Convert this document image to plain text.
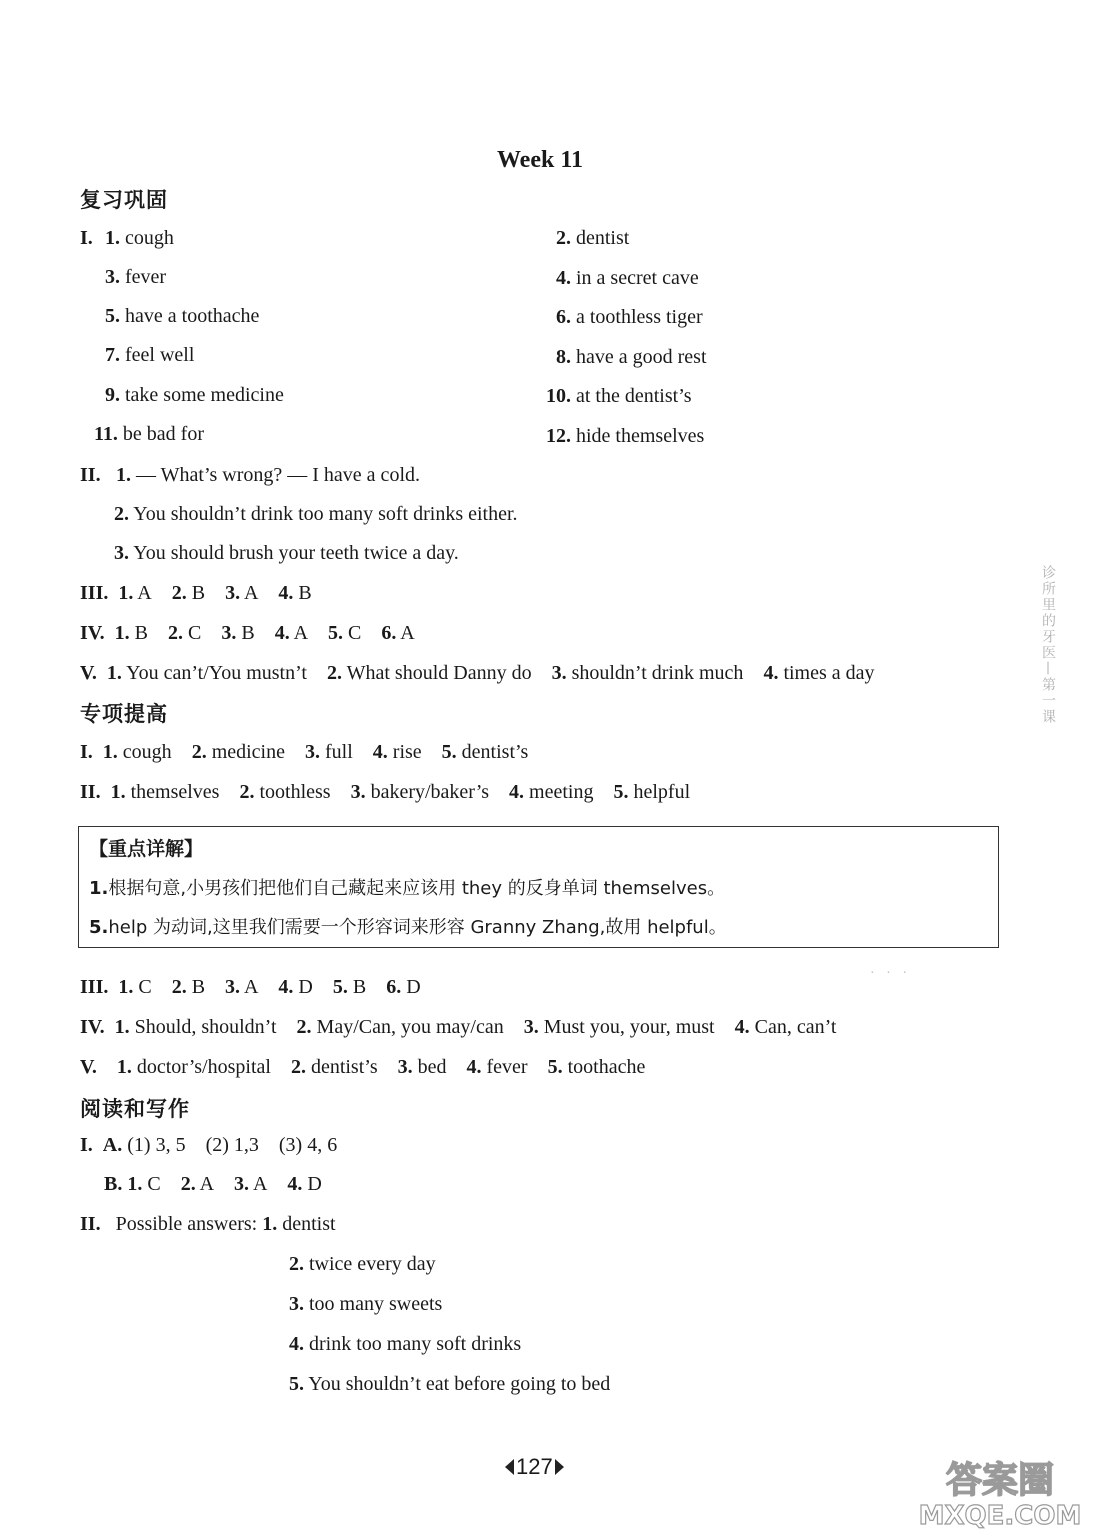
Week 11
复习巩固
I. 1. cough	2. dentist
3. fever	4. in a secret cave
5. have a toothache	6. a toothless tiger
7. feel well	8. have a good rest
9. take some medicine	10. at the dentist’s
11. be bad for	12. hide themselves
II. 1. — What’s wrong? — I have a cold.
2. You shouldn’t drink too many soft drinks either.
3. You should brush your teeth twice a day.
III. 1. A 2. B 3. A 4. B
IV. 1. B 2. C 3. B 4. A 5. C 6. A
V. 1. You can’t/You mustn’t 2. What should Danny do 3. shouldn’t drink much 4. times a day
专项提高
I. 1. cough 2. medicine 3. full 4. rise 5. dentist’s
II. 1. themselves 2. toothless 3. bakery/baker’s 4. meeting 5. helpful
【重点详解】
1.根据句意,小男孩们把他们自己藏起来应该用 they 的反身单词 themselves。
5.help 为动词,这里我们需要一个形容词来形容 Granny Zhang,故用 helpful。
· · ·
III. 1. C 2. B 3. A 4. D 5. B 6. D
IV. 1. Should, shouldn’t 2. May/Can, you may/can 3. Must you, your, must 4. Can, can’t
V. 1. doctor’s/hospital 2. dentist’s 3. bed 4. fever 5. toothache
阅读和写作
I. A. (1) 3, 5    (2) 1,3    (3) 4, 6
B. 1. C 2. A 3. A 4. D
II. Possible answers: 1. dentist
2. twice every day
3. too many sweets
4. drink too many soft drinks
5. You shouldn’t eat before going to bed
诊所里的牙医—第一课
127	答案圈
MXQE.COM
